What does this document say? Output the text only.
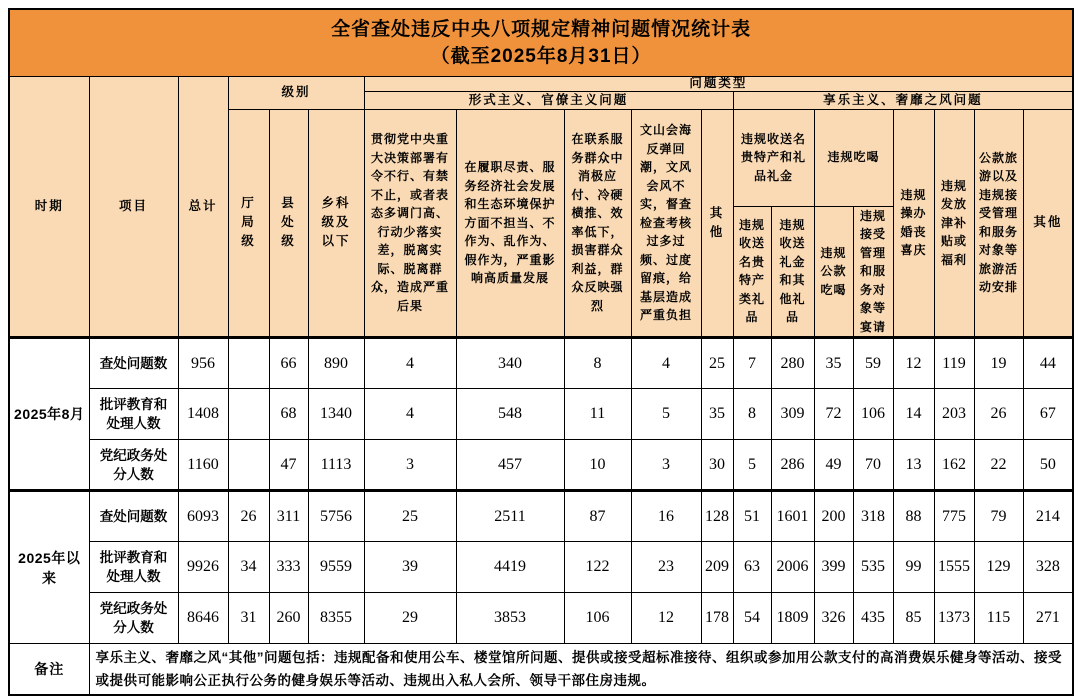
全省查处违反中央八项规定精神问题情况统计表
（截至2025年8月31日）																		

时期	项目	总计	级别			问题类型												
						形式主义、官僚主义问题					享乐主义、奢靡之风问题							
			厅局级	县处级	乡科级及以下	贯彻党中央重大决策部署有令不行、有禁不止，或者表态多调门高、行动少落实差，脱离实际、脱离群众，造成严重后果	在履职尽责、服务经济社会发展和生态环境保护方面不担当、不作为、乱作为、假作为，严重影响高质量发展	在联系服务群众中消极应付、冷硬横推、效率低下，损害群众利益，群众反映强烈	文山会海反弹回潮，文风会风不实，督查检查考核过多过频、过度留痕，给基层造成严重负担	其他	违规收送名贵特产和礼品礼金		违规吃喝		违规操办婚丧喜庆	违规发放津补贴或福利	公款旅游以及违规接受管理和服务对象等旅游活动安排	其他
											违规收送名贵特产类礼品	违规收送礼金和其他礼品	违规公款吃喝	违规接受管理和服务对象等宴请				
2025年8月	查处问题数	956		66	890	4	340	8	4	25	7	280	35	59	12	119	19	44
	批评教育和处理人数	1408		68	1340	4	548	11	5	35	8	309	72	106	14	203	26	67
	党纪政务处分人数	1160		47	1113	3	457	10	3	30	5	286	49	70	13	162	22	50
2025年以来	查处问题数	6093	26	311	5756	25	2511	87	16	128	51	1601	200	318	88	775	79	214
	批评教育和处理人数	9926	34	333	9559	39	4419	122	23	209	63	2006	399	535	99	1555	129	328
	党纪政务处分人数	8646	31	260	8355	29	3853	106	12	178	54	1809	326	435	85	1373	115	271
备注	享乐主义、奢靡之风“其他”问题包括：违规配备和使用公车、楼堂馆所问题、提供或接受超标准接待、组织或参加用公款支付的高消费娱乐健身等活动、接受或提供可能影响公正执行公务的健身娱乐等活动、违规出入私人会所、领导干部住房违规。																	
